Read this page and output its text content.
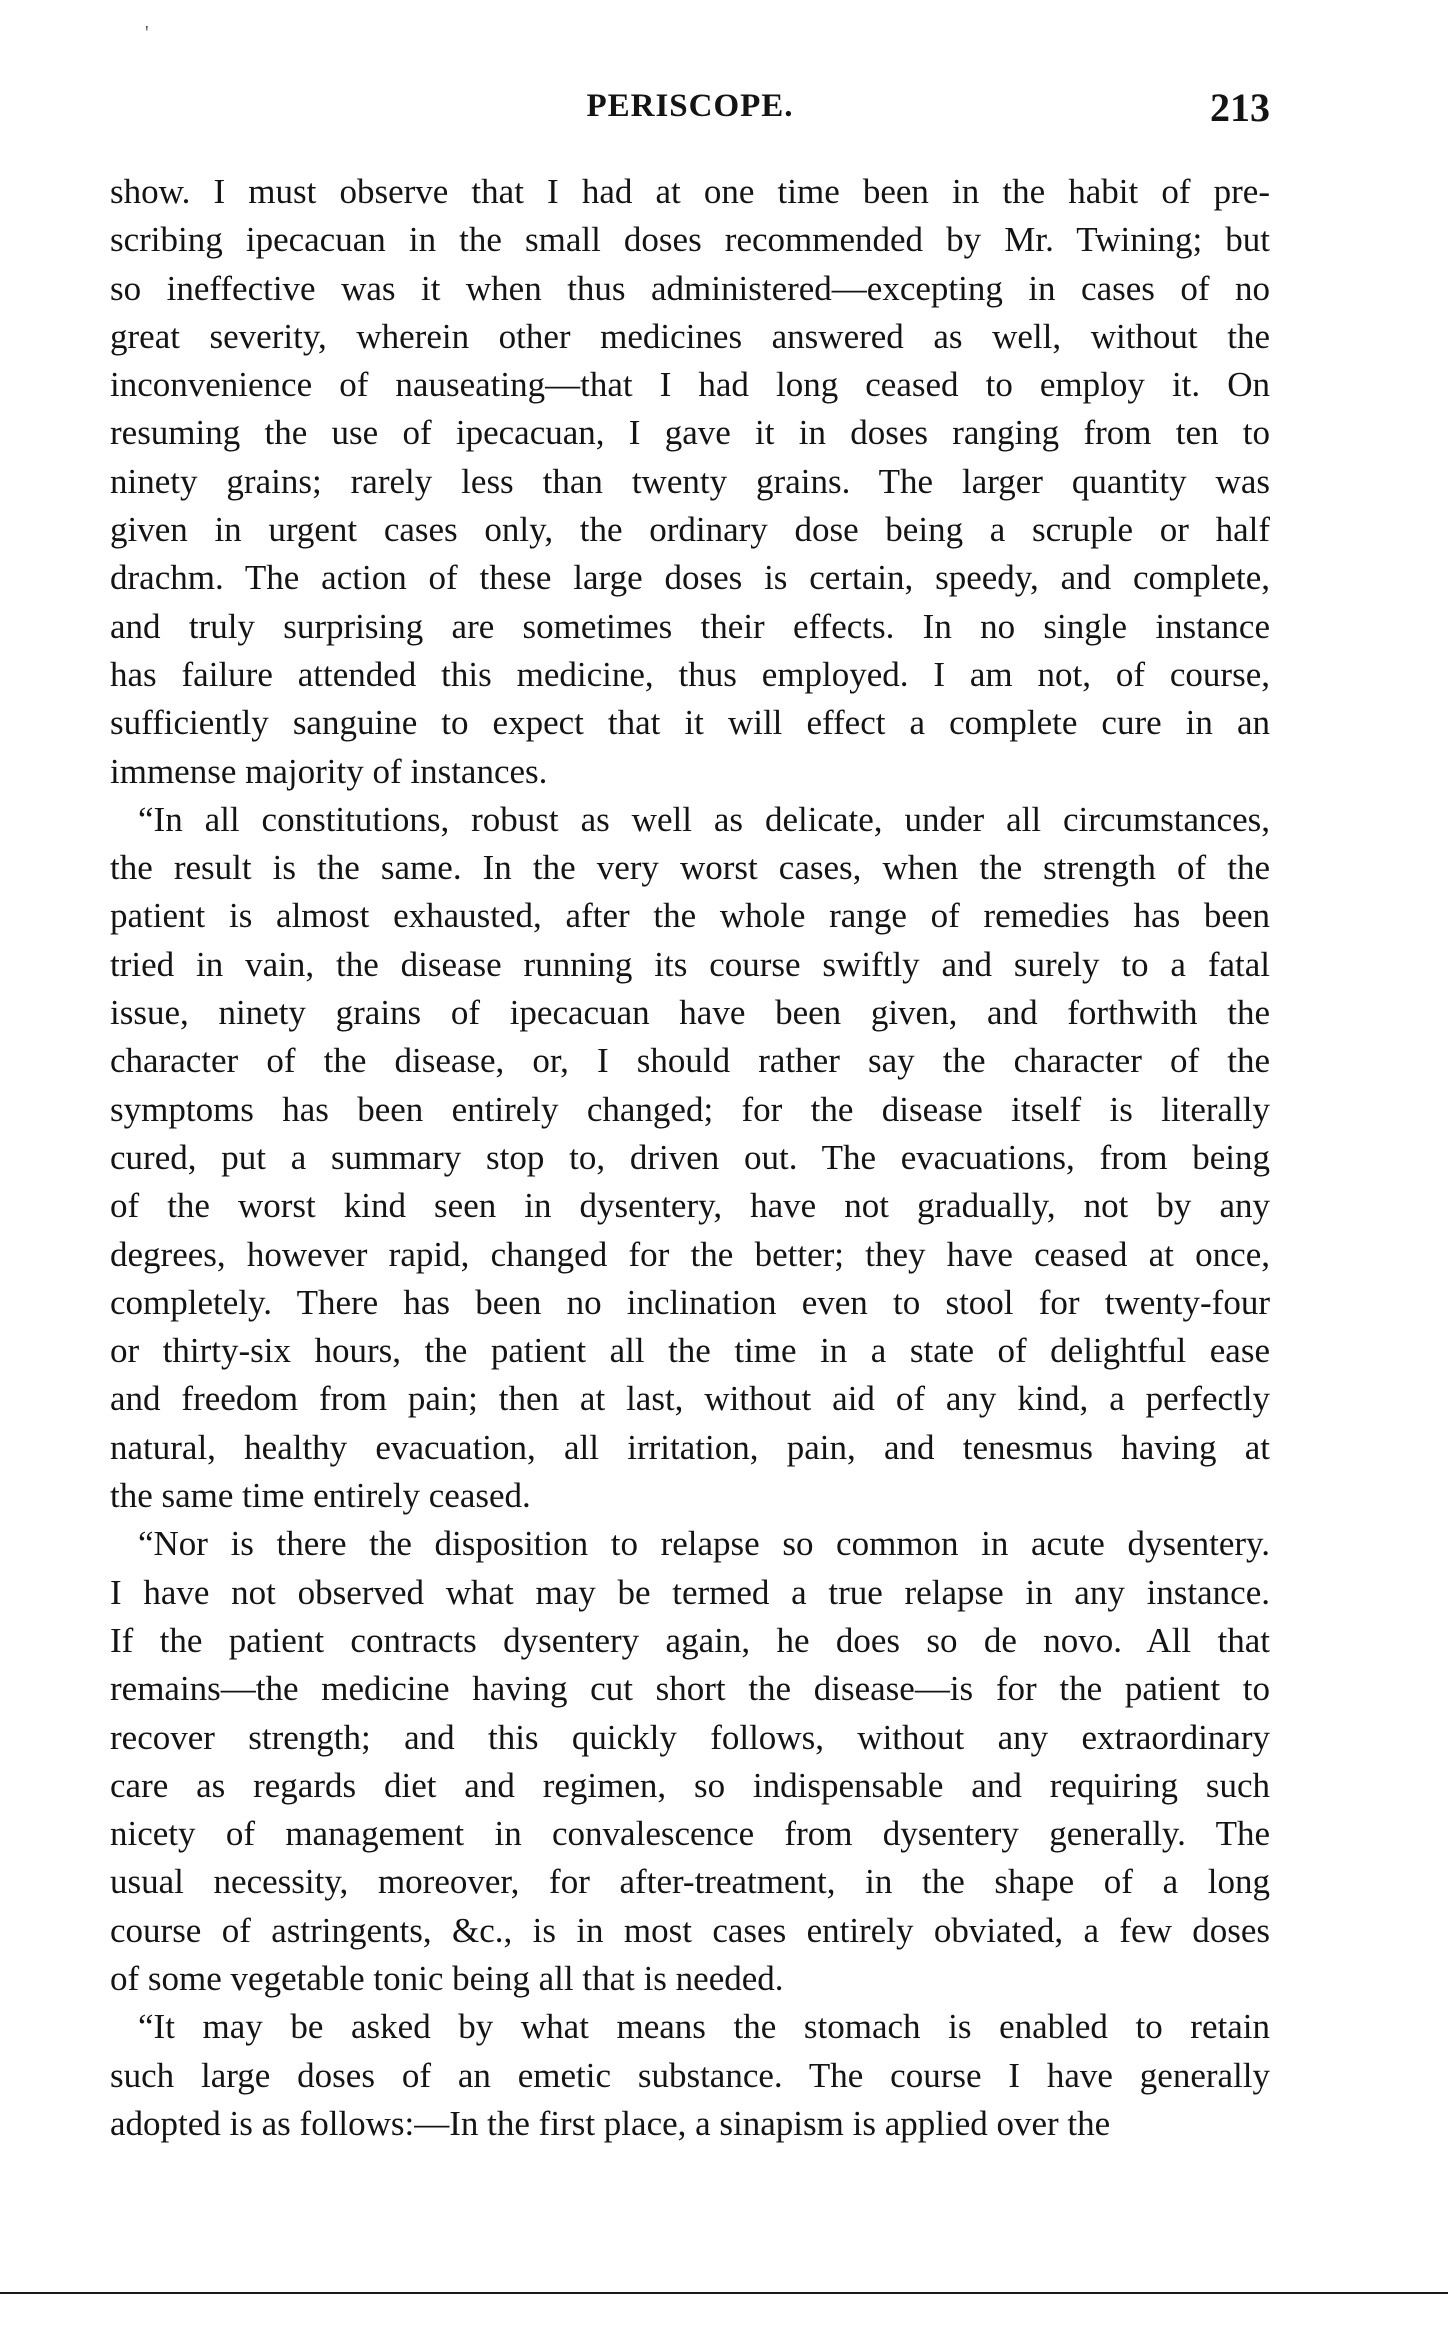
'
PERISCOPE.	213
show. I must observe that I had at one time been in the habit of pre-
scribing ipecacuan in the small doses recommended by Mr. Twining; but
so ineffective was it when thus administered—excepting in cases of no
great severity, wherein other medicines answered as well, without the
inconvenience of nauseating—that I had long ceased to employ it. On
resuming the use of ipecacuan, I gave it in doses ranging from ten to
ninety grains; rarely less than twenty grains. The larger quantity was
given in urgent cases only, the ordinary dose being a scruple or half
drachm. The action of these large doses is certain, speedy, and complete,
and truly surprising are sometimes their effects. In no single instance
has failure attended this medicine, thus employed. I am not, of course,
sufficiently sanguine to expect that it will effect a complete cure in an
immense majority of instances.
“In all constitutions, robust as well as delicate, under all circumstances,
the result is the same. In the very worst cases, when the strength of the
patient is almost exhausted, after the whole range of remedies has been
tried in vain, the disease running its course swiftly and surely to a fatal
issue, ninety grains of ipecacuan have been given, and forthwith the
character of the disease, or, I should rather say the character of the
symptoms has been entirely changed; for the disease itself is literally
cured, put a summary stop to, driven out. The evacuations, from being
of the worst kind seen in dysentery, have not gradually, not by any
degrees, however rapid, changed for the better; they have ceased at once,
completely. There has been no inclination even to stool for twenty-four
or thirty-six hours, the patient all the time in a state of delightful ease
and freedom from pain; then at last, without aid of any kind, a perfectly
natural, healthy evacuation, all irritation, pain, and tenesmus having at
the same time entirely ceased.
“Nor is there the disposition to relapse so common in acute dysentery.
I have not observed what may be termed a true relapse in any instance.
If the patient contracts dysentery again, he does so de novo. All that
remains—the medicine having cut short the disease—is for the patient to
recover strength; and this quickly follows, without any extraordinary
care as regards diet and regimen, so indispensable and requiring such
nicety of management in convalescence from dysentery generally. The
usual necessity, moreover, for after-treatment, in the shape of a long
course of astringents, &c., is in most cases entirely obviated, a few doses
of some vegetable tonic being all that is needed.
“It may be asked by what means the stomach is enabled to retain
such large doses of an emetic substance. The course I have generally
adopted is as follows:—In the first place, a sinapism is applied over the
